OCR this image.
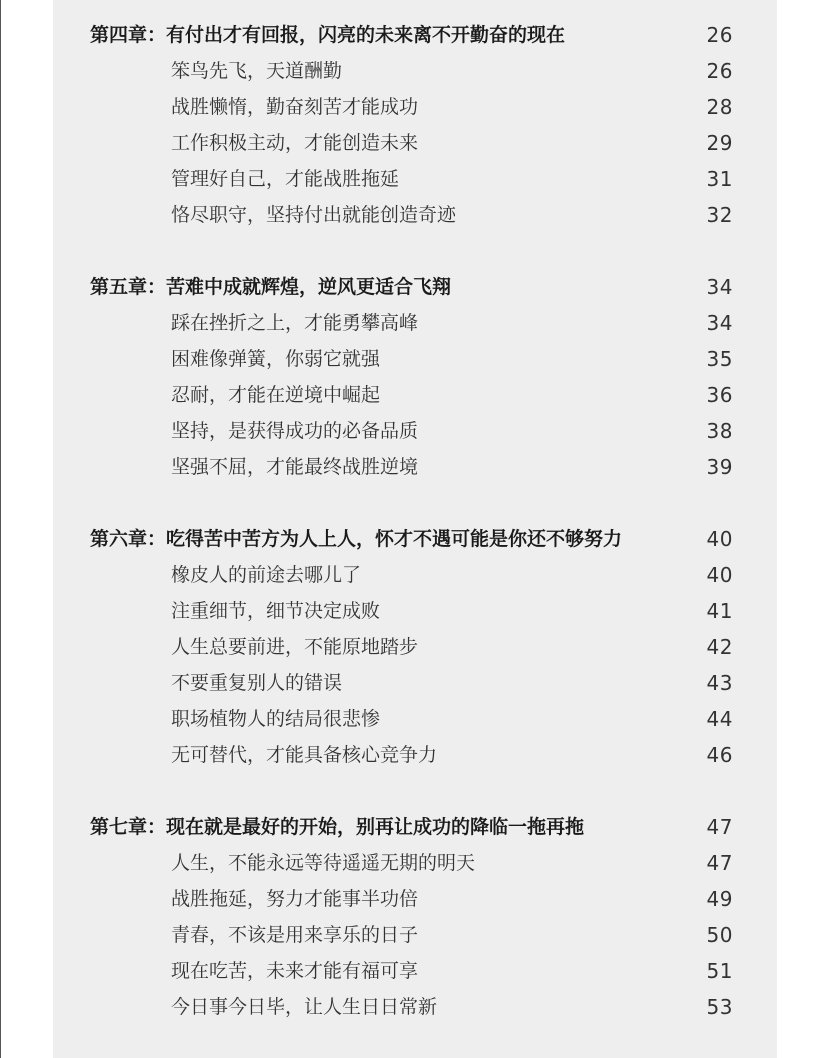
第四章：有付出才有回报，闪亮的未来离不开勤奋的现在	26
笨鸟先飞，天道酬勤	26
战胜懒惰，勤奋刻苦才能成功	28
工作积极主动，才能创造未来	29
管理好自己，才能战胜拖延	31
恪尽职守，坚持付出就能创造奇迹	32
第五章：苦难中成就辉煌，逆风更适合飞翔	34
踩在挫折之上，才能勇攀高峰	34
困难像弹簧，你弱它就强	35
忍耐，才能在逆境中崛起	36
坚持，是获得成功的必备品质	38
坚强不屈，才能最终战胜逆境	39
第六章：吃得苦中苦方为人上人，怀才不遇可能是你还不够努力	40
橡皮人的前途去哪儿了	40
注重细节，细节决定成败	41
人生总要前进，不能原地踏步	42
不要重复别人的错误	43
职场植物人的结局很悲惨	44
无可替代，才能具备核心竞争力	46
第七章：现在就是最好的开始，别再让成功的降临一拖再拖	47
人生，不能永远等待遥遥无期的明天	47
战胜拖延，努力才能事半功倍	49
青春，不该是用来享乐的日子	50
现在吃苦，未来才能有福可享	51
今日事今日毕，让人生日日常新	53
